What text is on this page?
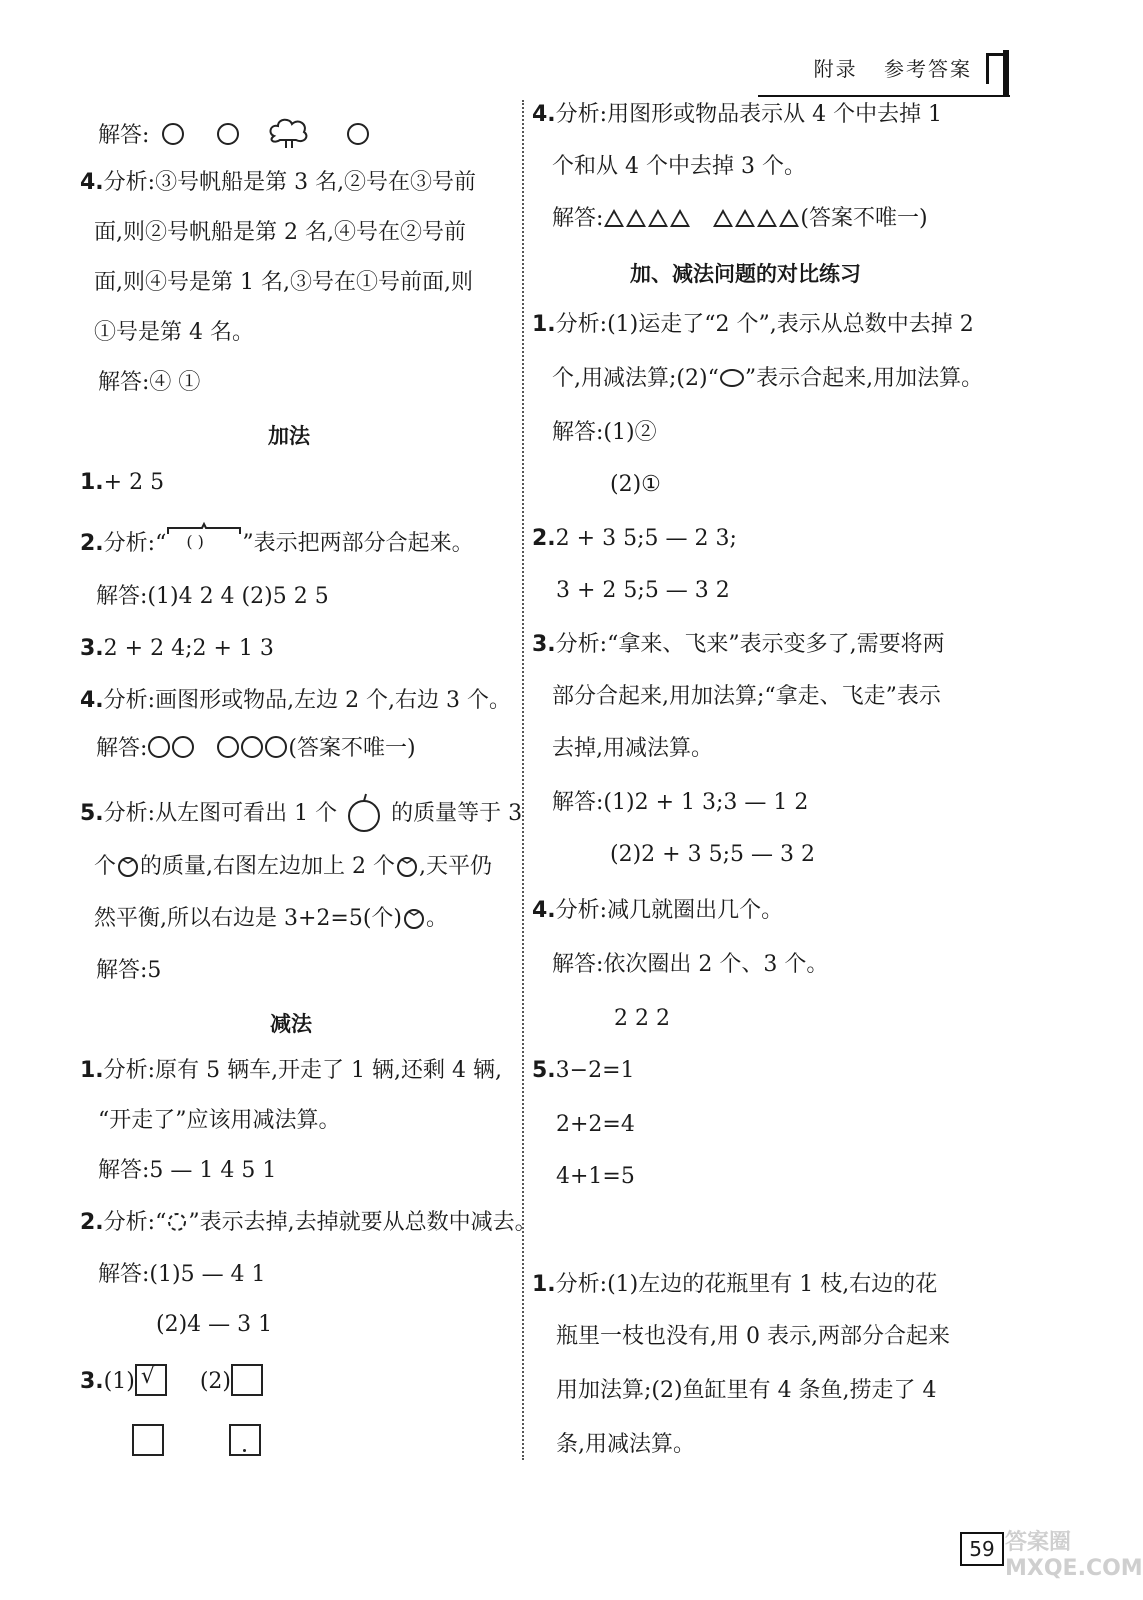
附录 参考答案
解答:
4.分析:③号帆船是第 3 名,②号在③号前
面,则②号帆船是第 2 名,④号在②号前
面,则④号是第 1 名,③号在①号前面,则
①号是第 4 名。
解答:④ ①
加法
1.+ 2 5
2.分析:“ ( ) ”表示把两部分合起来。
解答:(1)4 2 4 (2)5 2 5
3.2 + 2 4;2 + 1 3
4.分析:画图形或物品,左边 2 个,右边 3 个。
解答:	(答案不唯一)
5.分析:从左图可看出 1 个 的质量等于 3
个 的质量,右图左边加上 2 个 ,天平仍
然平衡,所以右边是 3+2=5(个) 。
解答:5
减法
1.分析:原有 5 辆车,开走了 1 辆,还剩 4 辆,
“开走了”应该用减法算。
解答:5 — 1 4 5 1
2.分析:“ ”表示去掉,去掉就要从总数中减去。
解答:(1)5 — 4 1
(2)4 — 3 1
3.(1) √ (2)

4.分析:用图形或物品表示从 4 个中去掉 1
个和从 4 个中去掉 3 个。
解答:	(答案不唯一)
加、减法问题的对比练习
1.分析:(1)运走了“2 个”,表示从总数中去掉 2
个,用减法算;(2)“ ”表示合起来,用加法算。
解答:(1)②
(2)①
2.2 + 3 5;5 — 2 3;
3 + 2 5;5 — 3 2
3.分析:“拿来、飞来”表示变多了,需要将两
部分合起来,用加法算;“拿走、飞走”表示
去掉,用减法算。
解答:(1)2 + 1 3;3 — 1 2
(2)2 + 3 5;5 — 3 2
4.分析:减几就圈出几个。
解答:依次圈出 2 个、3 个。
2 2 2
5.3−2=1
2+2=4
4+1=5
1.分析:(1)左边的花瓶里有 1 枝,右边的花
瓶里一枝也没有,用 0 表示,两部分合起来
用加法算;(2)鱼缸里有 4 条鱼,捞走了 4
条,用减法算。
59 答案圈 MXQE.COM
